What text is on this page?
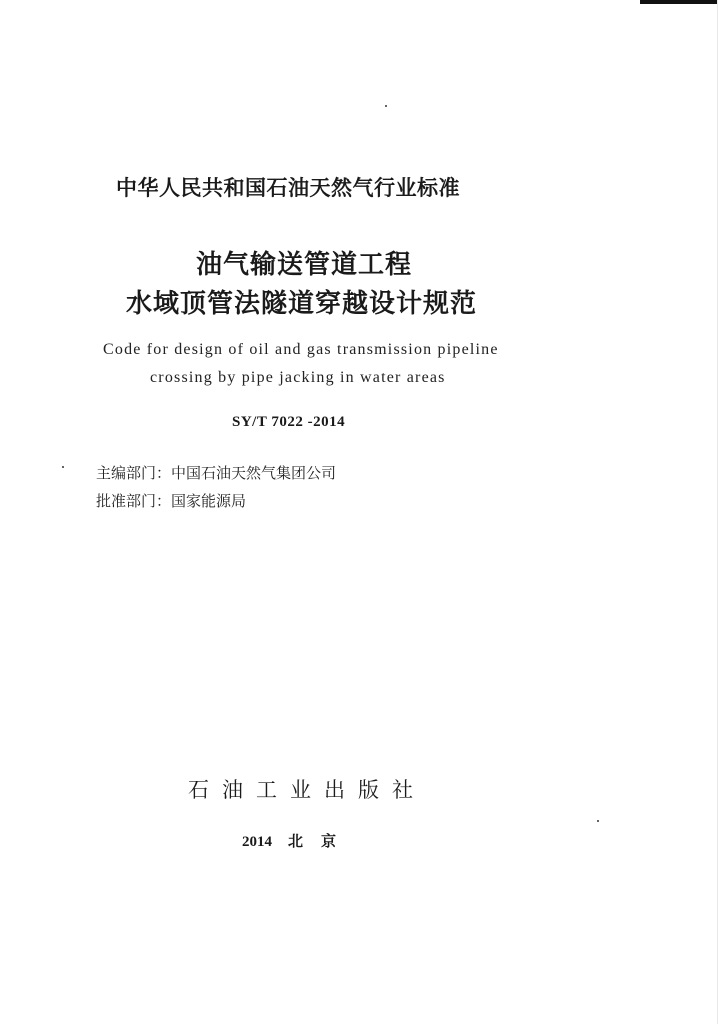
中华人民共和国石油天然气行业标准
油气输送管道工程
水域顶管法隧道穿越设计规范
Code for design of oil and gas transmission pipeline
crossing by pipe jacking in water areas
SY/T 7022 -2014
主编部门：中国石油天然气集团公司
批准部门：国家能源局
石油工业出版社
2014 北京
